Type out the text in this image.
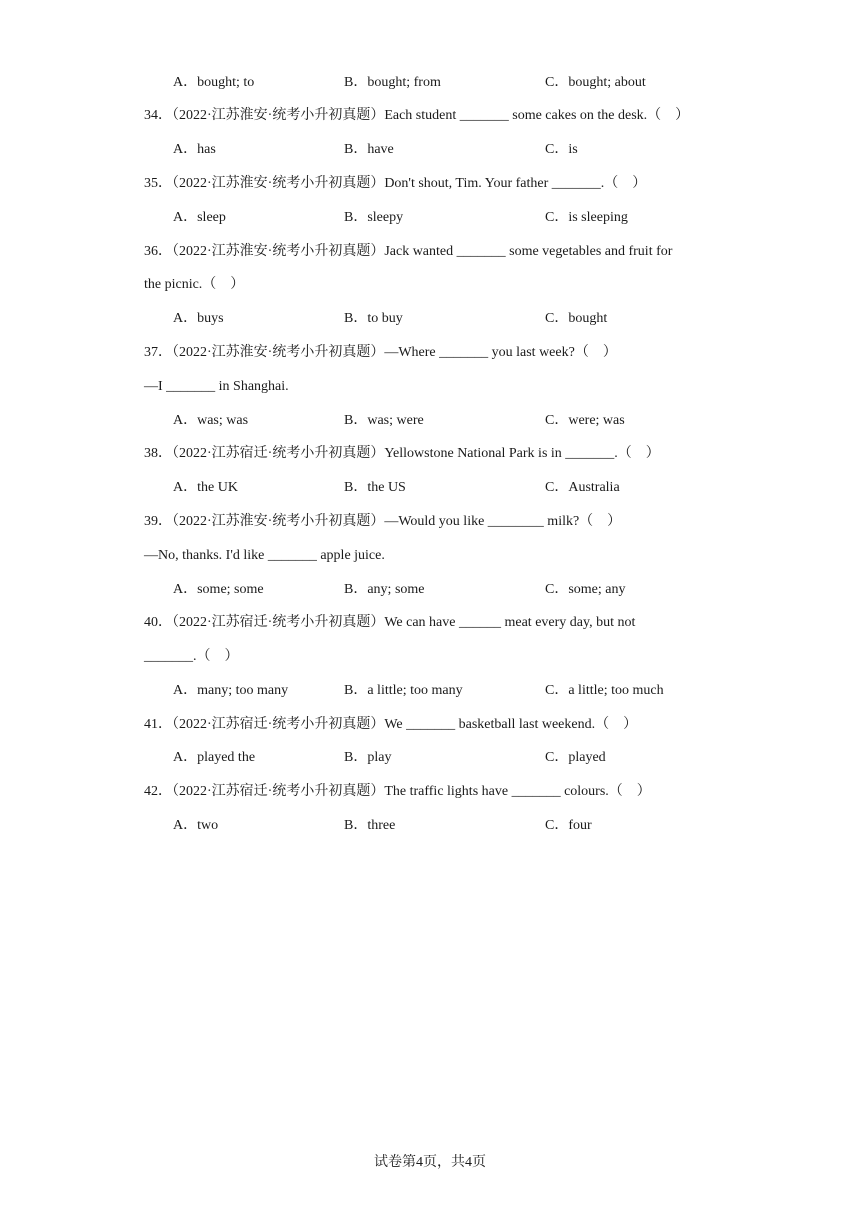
A．bought; to	B．bought; from	C．bought; about
34．（2022·江苏淮安·统考小升初真题）Each student _______ some cakes on the desk.（　）
A．has	B．have	C．is
35．（2022·江苏淮安·统考小升初真题）Don't shout, Tim. Your father _______.（　）
A．sleep	B．sleepy	C．is sleeping
36．（2022·江苏淮安·统考小升初真题）Jack wanted _______ some vegetables and fruit for
the picnic.（　）
A．buys	B．to buy	C．bought
37．（2022·江苏淮安·统考小升初真题）—Where _______ you last week?（　）
—I _______ in Shanghai.
A．was; was	B．was; were	C．were; was
38．（2022·江苏宿迁·统考小升初真题）Yellowstone National Park is in _______.（　）
A．the UK	B．the US	C．Australia
39．（2022·江苏淮安·统考小升初真题）—Would you like ________ milk?（　）
—No, thanks. I'd like _______ apple juice.
A．some; some	B．any; some	C．some; any
40．（2022·江苏宿迁·统考小升初真题）We can have ______ meat every day, but not
_______.（　）
A．many; too many	B．a little; too many	C．a little; too much
41．（2022·江苏宿迁·统考小升初真题）We _______ basketball last weekend.（　）
A．played the	B．play	C．played
42．（2022·江苏宿迁·统考小升初真题）The traffic lights have _______ colours.（　）
A．two	B．three	C．four
试卷第4页，共4页
